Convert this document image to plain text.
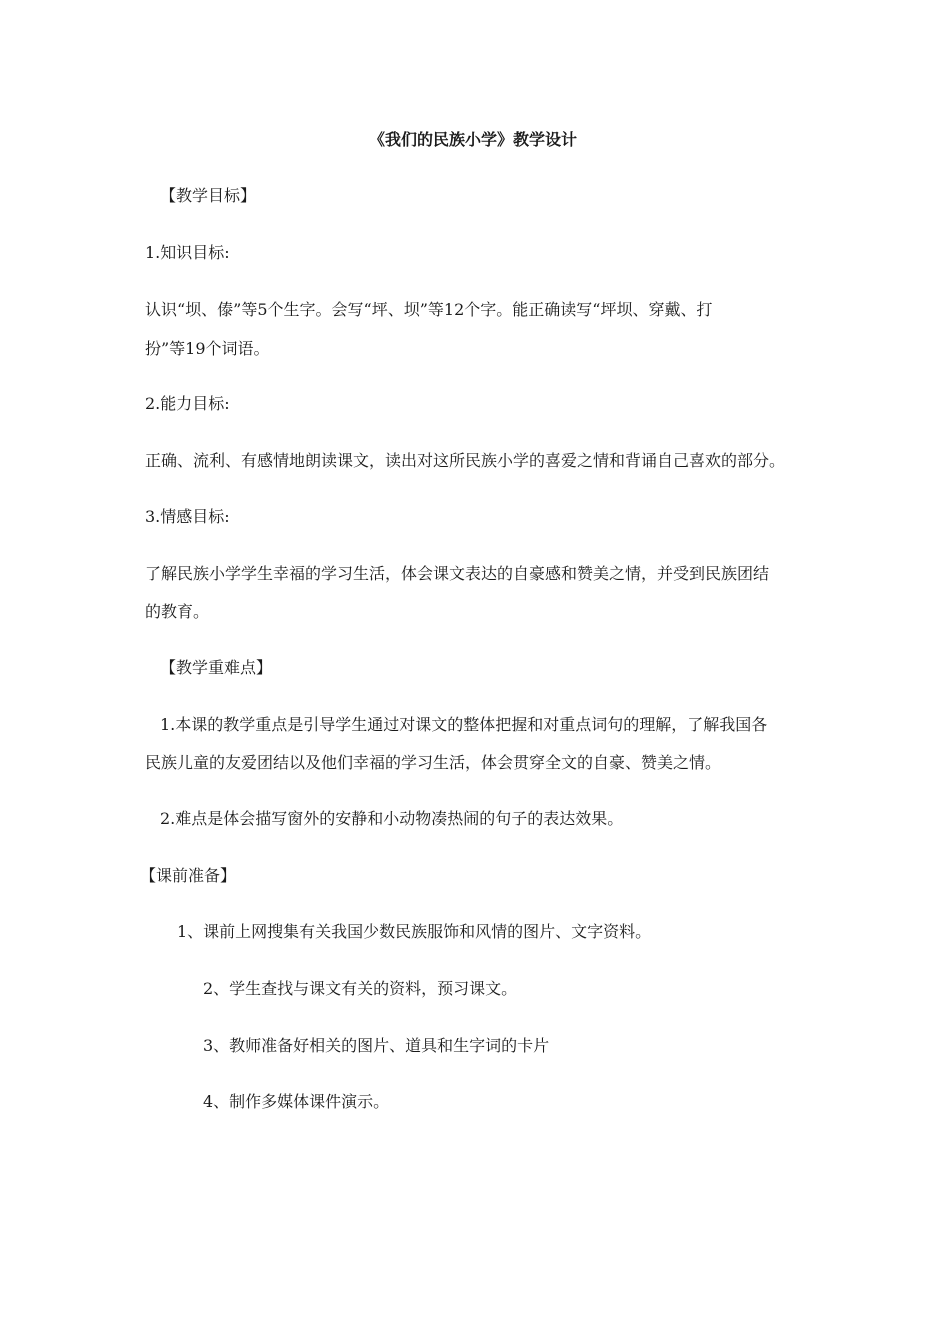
《我们的民族小学》教学设计
【教学目标】
1.知识目标:
认识“坝、傣”等5个生字。会写“坪、坝”等12个字。能正确读写“坪坝、穿戴、打
扮”等19个词语。
2.能力目标:
正确、流利、有感情地朗读课文，读出对这所民族小学的喜爱之情和背诵自己喜欢的部分。
3.情感目标:
了解民族小学学生幸福的学习生活，体会课文表达的自豪感和赞美之情，并受到民族团结
的教育。
【教学重难点】
1.本课的教学重点是引导学生通过对课文的整体把握和对重点词句的理解，了解我国各
民族儿童的友爱团结以及他们幸福的学习生活，体会贯穿全文的自豪、赞美之情。
2.难点是体会描写窗外的安静和小动物凑热闹的句子的表达效果。
【课前准备】
1、课前上网搜集有关我国少数民族服饰和风情的图片、文字资料。
2、学生查找与课文有关的资料，预习课文。
3、教师准备好相关的图片、道具和生字词的卡片
4、制作多媒体课件演示。
